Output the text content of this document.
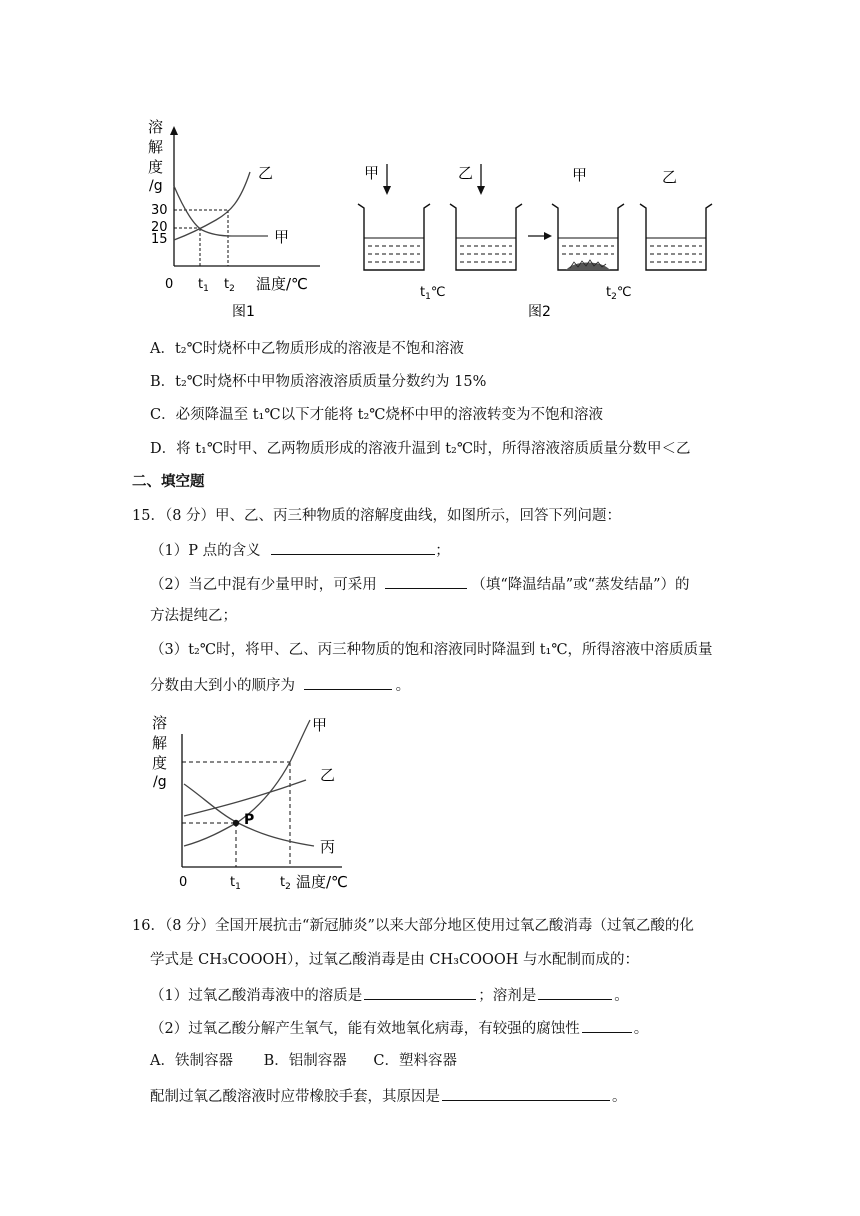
溶
解
度
/g
30
20
15
乙
甲
0 $t_1$ $t_2$ 温度/℃
图1
甲	乙	甲	乙
$t_1℃$	$t_2℃$
图2
A．t₂℃时烧杯中乙物质形成的溶液是不饱和溶液
B．t₂℃时烧杯中甲物质溶液溶质质量分数约为 15%
C．必须降温至 t₁℃以下才能将 t₂℃烧杯中甲的溶液转变为不饱和溶液
D．将 t₁℃时甲、乙两物质形成的溶液升温到 t₂℃时，所得溶液溶质质量分数甲＜乙
二、填空题
15．（8 分）甲、乙、丙三种物质的溶解度曲线，如图所示，回答下列问题：
（1）P 点的含义	；
（2）当乙中混有少量甲时，可采用	（填“降温结晶”或“蒸发结晶”）的
方法提纯乙；
（3）t₂℃时，将甲、乙、丙三种物质的饱和溶液同时降温到 t₁℃，所得溶液中溶质质量
分数由大到小的顺序为	。
溶
解
度
/g
P
甲
乙
丙
0	$t_1$	$t_2$ 温度/℃
16．（8 分）全国开展抗击“新冠肺炎”以来大部分地区使用过氧乙酸消毒（过氧乙酸的化
学式是 CH₃COOOH），过氧乙酸消毒是由 CH₃COOOH 与水配制而成的：
（1）过氧乙酸消毒液中的溶质是	；溶剂是	。
（2）过氧乙酸分解产生氧气，能有效地氧化病毒，有较强的腐蚀性	。
A．铁制容器 B．铝制容器 C．塑料容器
配制过氧乙酸溶液时应带橡胶手套，其原因是	。
